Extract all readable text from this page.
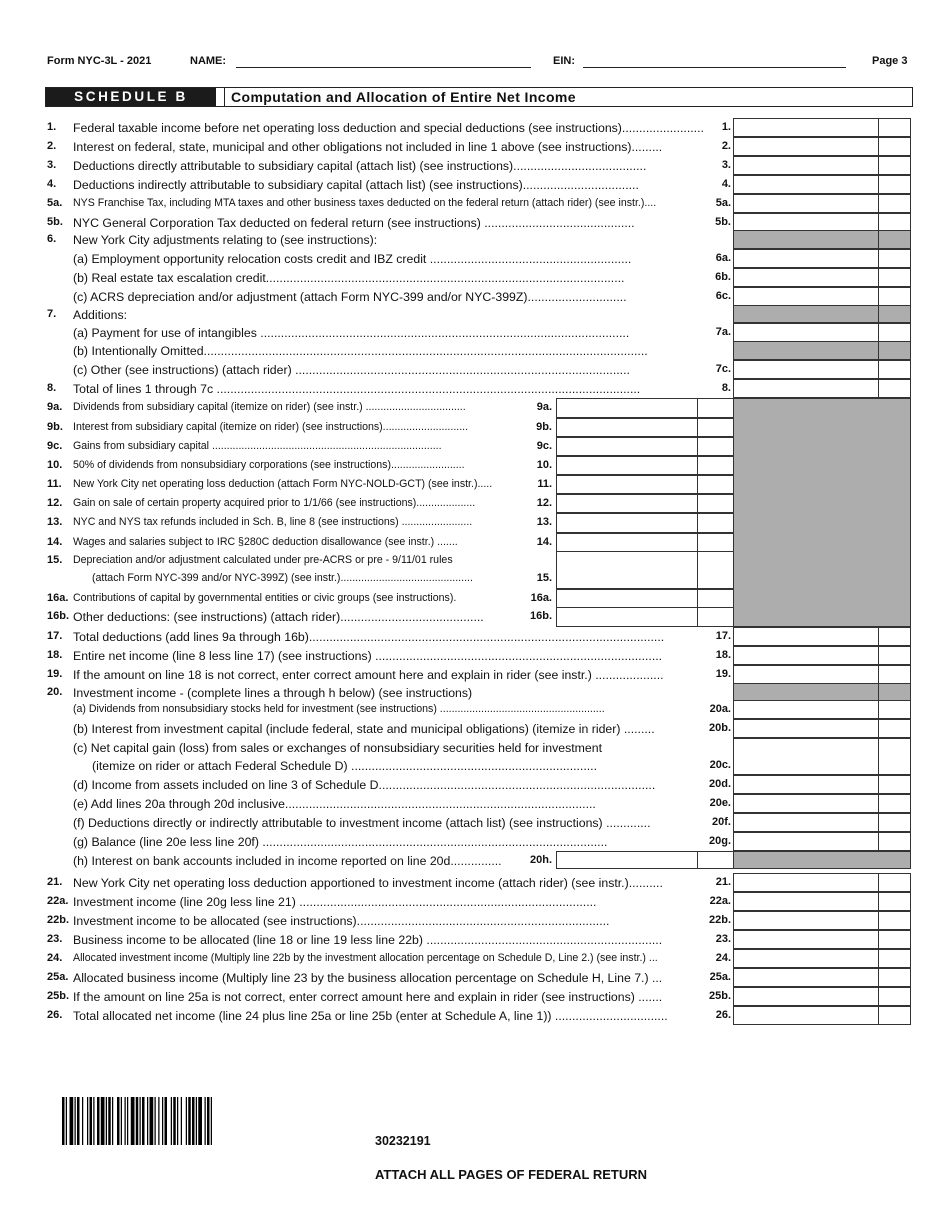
Form NYC-3L - 2021	NAME:	EIN:	Page 3
SCHEDULE B	Computation and Allocation of Entire Net Income
1. Federal taxable income before net operating loss deduction and special deductions (see instructions)........................	1.
2. Interest on federal, state, municipal and other obligations not included in line 1 above (see instructions).........	2.
3. Deductions directly attributable to subsidiary capital (attach list) (see instructions).......................................	3.
4. Deductions indirectly attributable to subsidiary capital (attach list) (see instructions)..................................	4.
5a. NYS Franchise Tax, including MTA taxes and other business taxes deducted on the federal return (attach rider) (see instr.)....	5a.
5b. NYC General Corporation Tax deducted on federal return (see instructions) ............................................	5b.
6. New York City adjustments relating to (see instructions):
(a) Employment opportunity relocation costs credit and IBZ credit ...........................................................	6a.
(b) Real estate tax escalation credit.........................................................................................................	6b.
(c) ACRS depreciation and/or adjustment (attach Form NYC-399 and/or NYC-399Z).............................	6c.
7. Additions:
(a) Payment for use of intangibles ............................................................................................................	7a.
(b) Intentionally Omitted..................................................................................................................................
(c) Other (see instructions) (attach rider) ..................................................................................................	7c.
8. Total of lines 1 through 7c ............................................................................................................................	8.
9a. Dividends from subsidiary capital (itemize on rider) (see instr.) ..................................	9a.
9b. Interest from subsidiary capital (itemize on rider) (see instructions).............................	9b.
9c. Gains from subsidiary capital ..............................................................................	9c.
10. 50% of dividends from nonsubsidiary corporations (see instructions).........................	10.
11. New York City net operating loss deduction (attach Form NYC-NOLD-GCT) (see instr.).....	11.
12. Gain on sale of certain property acquired prior to 1/1/66 (see instructions)....................	12.
13. NYC and NYS tax refunds included in Sch. B, line 8 (see instructions) ........................	13.
14. Wages and salaries subject to IRC §280C deduction disallowance (see instr.) .......	14.
15. Depreciation and/or adjustment calculated under pre-ACRS or pre - 9/11/01 rules
(attach Form NYC-399 and/or NYC-399Z) (see instr.).............................................	15.
16a. Contributions of capital by governmental entities or civic groups (see instructions).	16a.
16b. Other deductions: (see instructions) (attach rider)..........................................	16b.
17. Total deductions (add lines 9a through 16b)........................................................................................................	17.
18. Entire net income (line 8 less line 17) (see instructions) ....................................................................................	18.
19. If the amount on line 18 is not correct, enter correct amount here and explain in rider (see instr.) ....................	19.
20. Investment income - (complete lines a through h below) (see instructions)
(a) Dividends from nonsubsidiary stocks held for investment (see instructions) ........................................................	20a.
(b) Interest from investment capital (include federal, state and municipal obligations) (itemize in rider) .........	20b.
(c) Net capital gain (loss) from sales or exchanges of nonsubsidiary securities held for investment
(itemize on rider or attach Federal Schedule D) ........................................................................	20c.
(d) Income from assets included on line 3 of Schedule D.................................................................................	20d.
(e) Add lines 20a through 20d inclusive...........................................................................................	20e.
(f) Deductions directly or indirectly attributable to investment income (attach list) (see instructions) .............	20f.
(g) Balance (line 20e less line 20f) .....................................................................................................	20g.
(h) Interest on bank accounts included in income reported on line 20d...............	20h.
21. New York City net operating loss deduction apportioned to investment income (attach rider) (see instr.)..........	21.
22a. Investment income (line 20g less line 21) .......................................................................................	22a.
22b. Investment income to be allocated (see instructions)..........................................................................	22b.
23. Business income to be allocated (line 18 or line 19 less line 22b) .....................................................................	23.
24. Allocated investment income (Multiply line 22b by the investment allocation percentage on Schedule D, Line 2.) (see instr.) ...	24.
25a. Allocated business income (Multiply line 23 by the business allocation percentage on Schedule H, Line 7.) ...	25a.
25b. If the amount on line 25a is not correct, enter correct amount here and explain in rider (see instructions) .......	25b.
26. Total allocated net income (line 24 plus line 25a or line 25b (enter at Schedule A, line 1)) .................................	26.
30232191
ATTACH ALL PAGES OF FEDERAL RETURN
